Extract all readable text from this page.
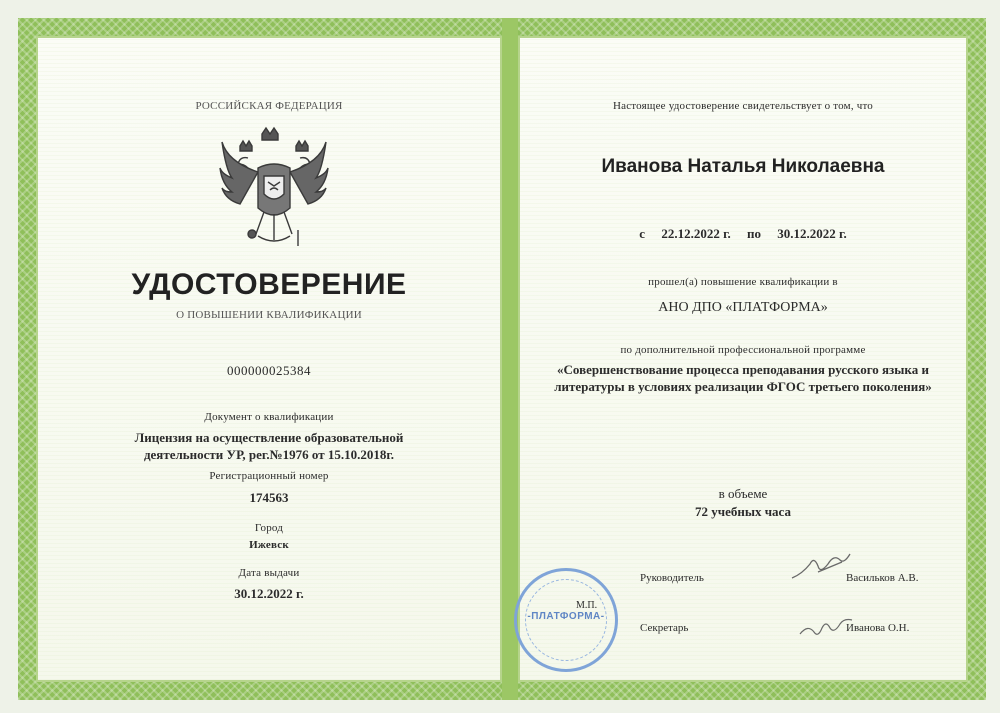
РОССИЙСКАЯ ФЕДЕРАЦИЯ
УДОСТОВЕРЕНИЕ
О ПОВЫШЕНИИ КВАЛИФИКАЦИИ
000000025384
Документ о квалификации
Лицензия на осуществление образовательной
деятельности УР, рег.№1976 от 15.10.2018г.
Регистрационный номер
174563
Город
Ижевск
Дата выдачи
30.12.2022 г.
Настоящее удостоверение свидетельствует о том, что
Иванова Наталья Николаевна
с 22.12.2022 г. по 30.12.2022 г.
прошел(а) повышение квалификации в
АНО ДПО «ПЛАТФОРМА»
по дополнительной профессиональной программе
«Совершенствование процесса преподавания русского языка и
литературы в условиях реализации ФГОС третьего поколения»
в объеме
72 учебных часа
Руководитель	Васильков А.В.
М.П.
Секретарь	Иванова О.Н.
-ПЛАТФОРМА-
